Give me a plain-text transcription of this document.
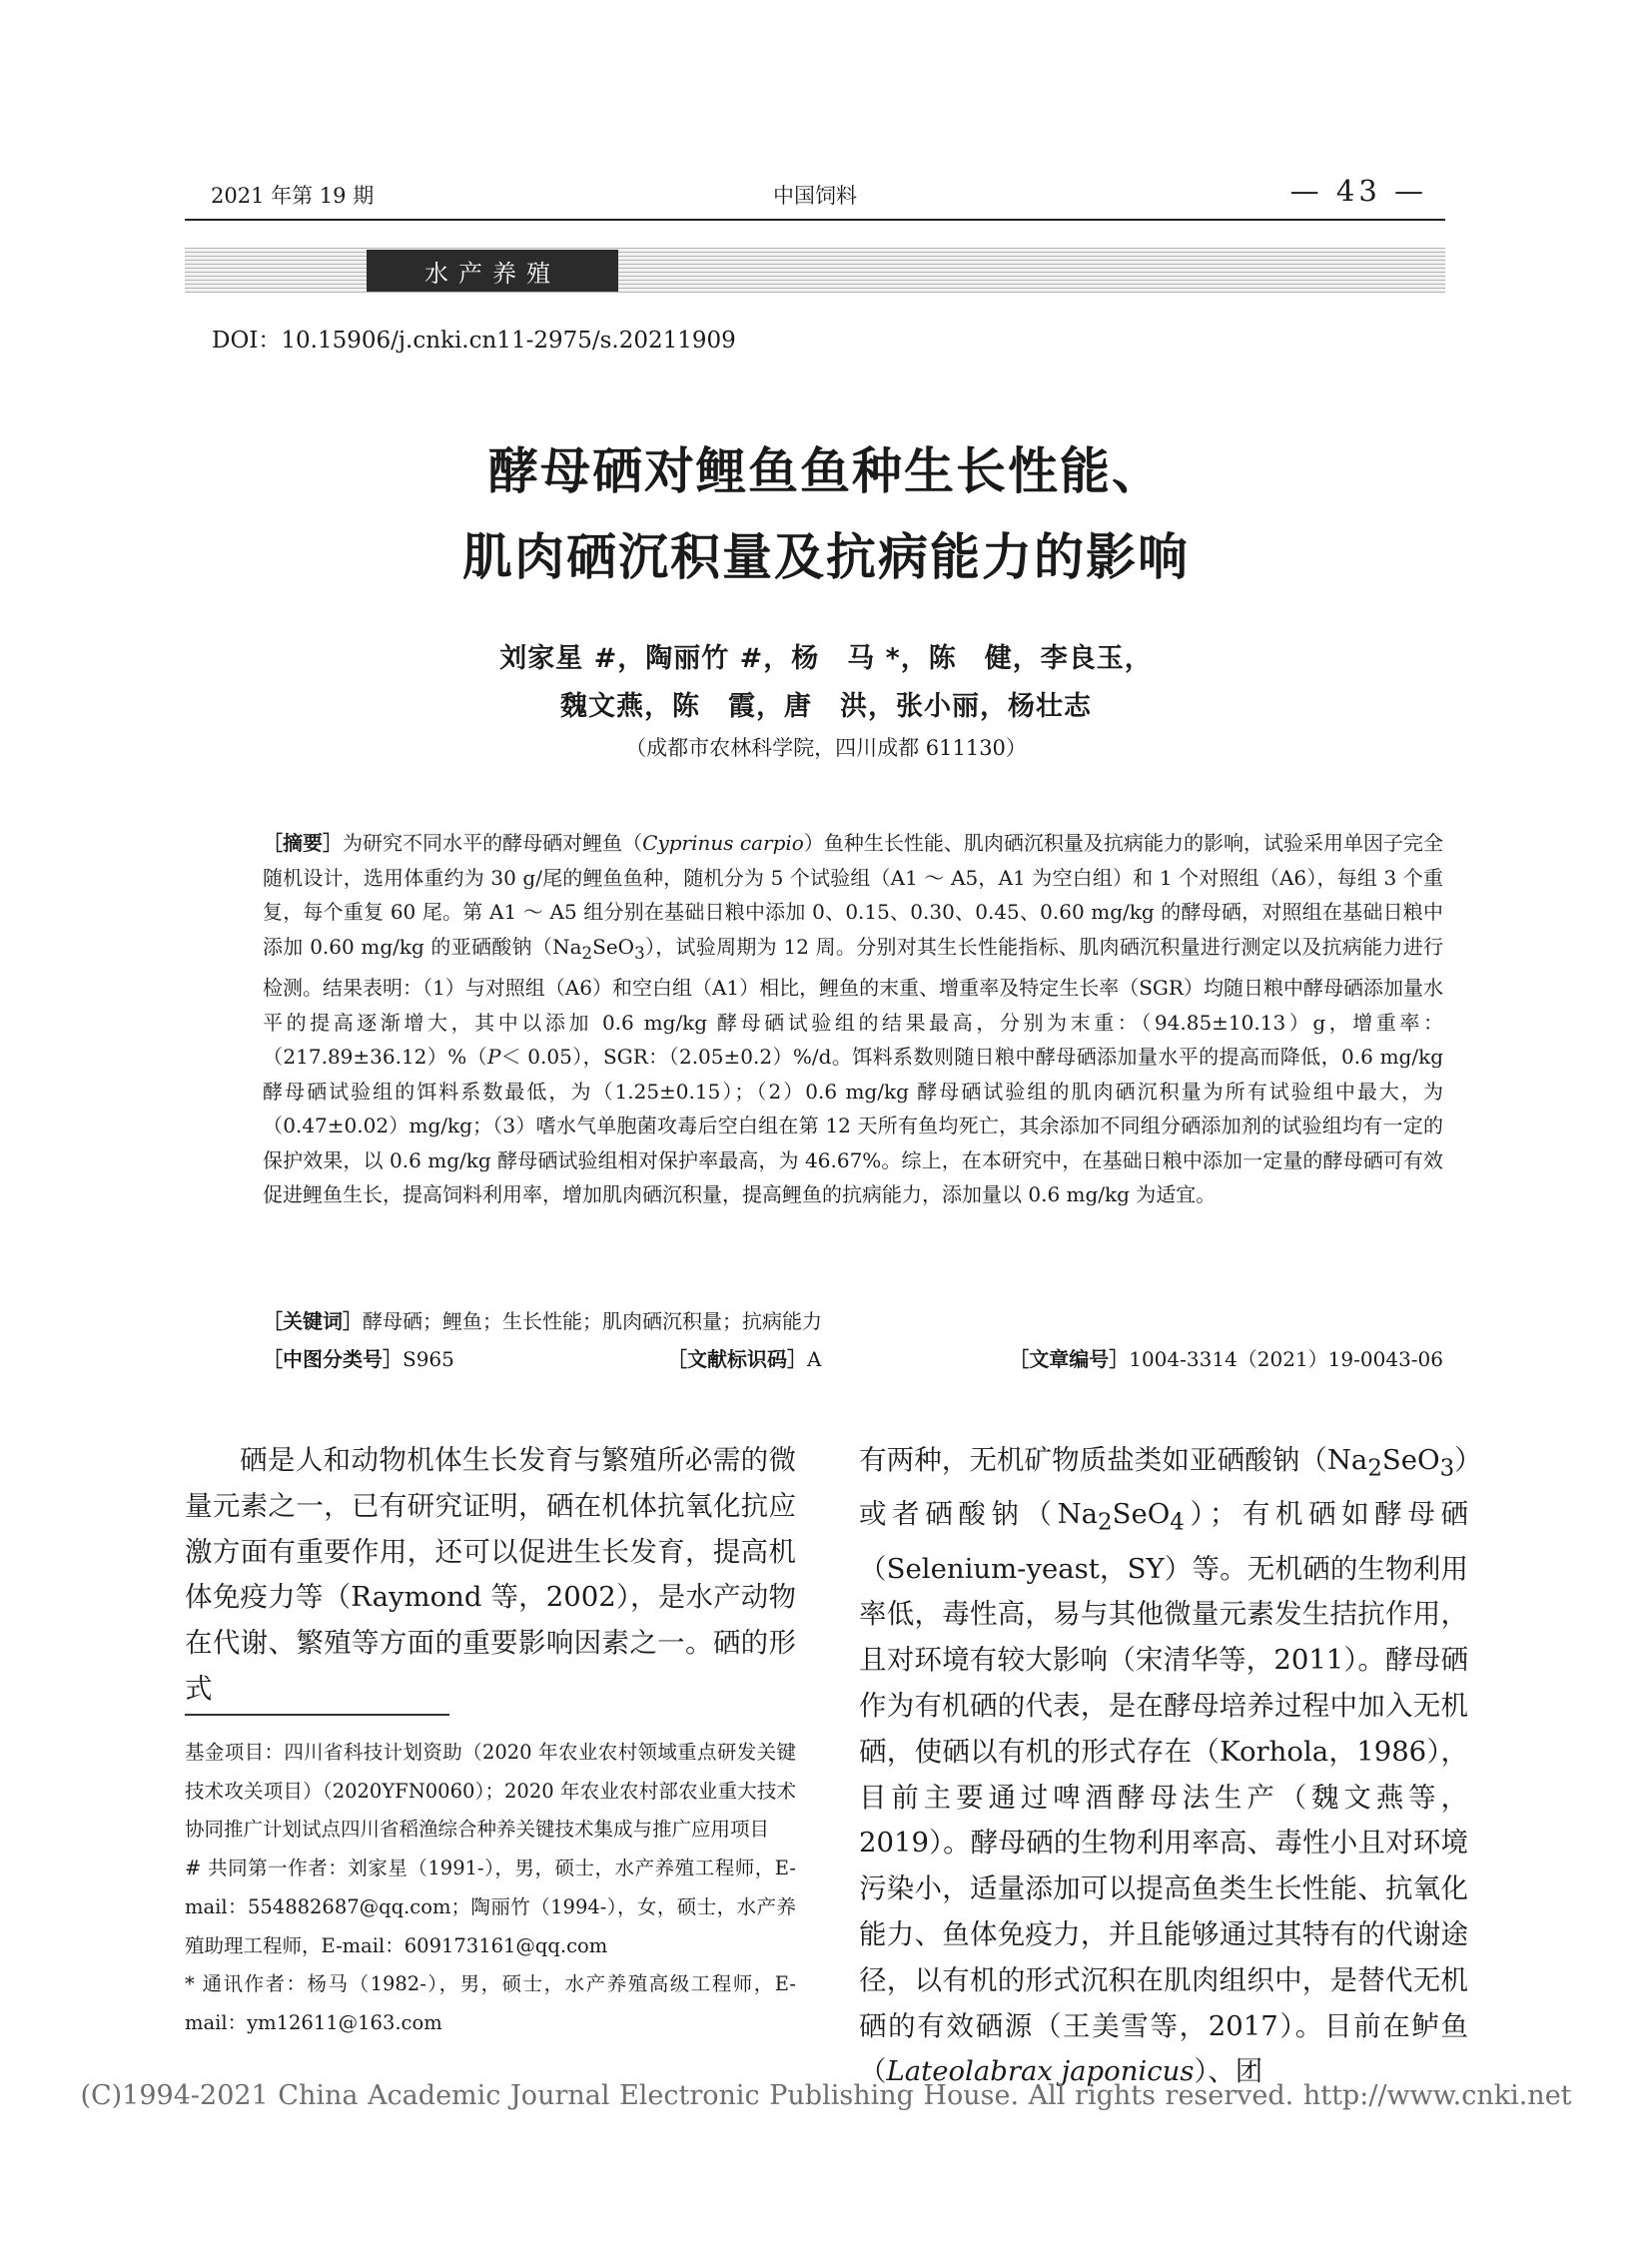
2021 年第 19 期	中国饲料	— 43 —
水产养殖
DOI：10.15906/j.cnki.cn11-2975/s.20211909
酵母硒对鲤鱼鱼种生长性能、
肌肉硒沉积量及抗病能力的影响
刘家星 #，陶丽竹 #，杨　马 *，陈　健，李良玉，
魏文燕，陈　霞，唐　洪，张小丽，杨壮志
（成都市农林科学院，四川成都 611130）
［摘要］为研究不同水平的酵母硒对鲤鱼（Cyprinus carpio）鱼种生长性能、肌肉硒沉积量及抗病能力的影响，试验采用单因子完全随机设计，选用体重约为 30 g/尾的鲤鱼鱼种，随机分为 5 个试验组（A1 ～ A5，A1 为空白组）和 1 个对照组（A6），每组 3 个重复，每个重复 60 尾。第 A1 ～ A5 组分别在基础日粮中添加 0、0.15、0.30、0.45、0.60 mg/kg 的酵母硒，对照组在基础日粮中添加 0.60 mg/kg 的亚硒酸钠$(Na_2SeO_3)$，试验周期为 12 周。分别对其生长性能指标、肌肉硒沉积量进行测定以及抗病能力进行检测。结果表明：（1）与对照组（A6）和空白组（A1）相比，鲤鱼的末重、增重率及特定生长率（SGR）均随日粮中酵母硒添加量水平的提高逐渐增大，其中以添加 0.6 mg/kg 酵母硒试验组的结果最高，分别为末重：（94.85±10.13）g，增重率：（217.89±36.12）%（P＜ 0.05），SGR：（2.05±0.2）%/d。饵料系数则随日粮中酵母硒添加量水平的提高而降低，0.6 mg/kg 酵母硒试验组的饵料系数最低，为（1.25±0.15）；（2）0.6 mg/kg 酵母硒试验组的肌肉硒沉积量为所有试验组中最大，为（0.47±0.02）mg/kg；（3）嗜水气单胞菌攻毒后空白组在第 12 天所有鱼均死亡，其余添加不同组分硒添加剂的试验组均有一定的保护效果，以 0.6 mg/kg 酵母硒试验组相对保护率最高，为 46.67%。综上，在本研究中，在基础日粮中添加一定量的酵母硒可有效促进鲤鱼生长，提高饲料利用率，增加肌肉硒沉积量，提高鲤鱼的抗病能力，添加量以 0.6 mg/kg 为适宜。
［关键词］酵母硒；鲤鱼；生长性能；肌肉硒沉积量；抗病能力
［中图分类号］S965	［文献标识码］A	［文章编号］1004-3314（2021）19-0043-06

硒是人和动物机体生长发育与繁殖所必需的微量元素之一，已有研究证明，硒在机体抗氧化抗应激方面有重要作用，还可以促进生长发育，提高机体免疫力等（Raymond 等，2002），是水产动物在代谢、繁殖等方面的重要影响因素之一。硒的形式

基金项目：四川省科技计划资助（2020 年农业农村领域重点研发关键技术攻关项目）（2020YFN0060）；2020 年农业农村部农业重大技术协同推广计划试点四川省稻渔综合种养关键技术集成与推广应用项目

# 共同第一作者：刘家星（1991-），男，硕士，水产养殖工程师，E-mail：554882687@qq.com；陶丽竹（1994-），女，硕士，水产养殖助理工程师，E-mail：609173161@qq.com

* 通讯作者：杨马（1982-），男，硕士，水产养殖高级工程师，E-mail：ym12611@163.com

有两种，无机矿物质盐类如亚硒酸钠$(Na_2SeO_3)$或者硒酸钠$(Na_2SeO_4)$；有机硒如酵母硒（Selenium-yeast，SY）等。无机硒的生物利用率低，毒性高，易与其他微量元素发生拮抗作用，且对环境有较大影响（宋清华等，2011）。酵母硒作为有机硒的代表，是在酵母培养过程中加入无机硒，使硒以有机的形式存在（Korhola，1986），目前主要通过啤酒酵母法生产（魏文燕等，2019）。酵母硒的生物利用率高、毒性小且对环境污染小，适量添加可以提高鱼类生长性能、抗氧化能力、鱼体免疫力，并且能够通过其特有的代谢途径，以有机的形式沉积在肌肉组织中，是替代无机硒的有效硒源（王美雪等，2017）。目前在鲈鱼（Lateolabrax japonicus）、团

(C)1994-2021 China Academic Journal Electronic Publishing House. All rights reserved. http://www.cnki.net
